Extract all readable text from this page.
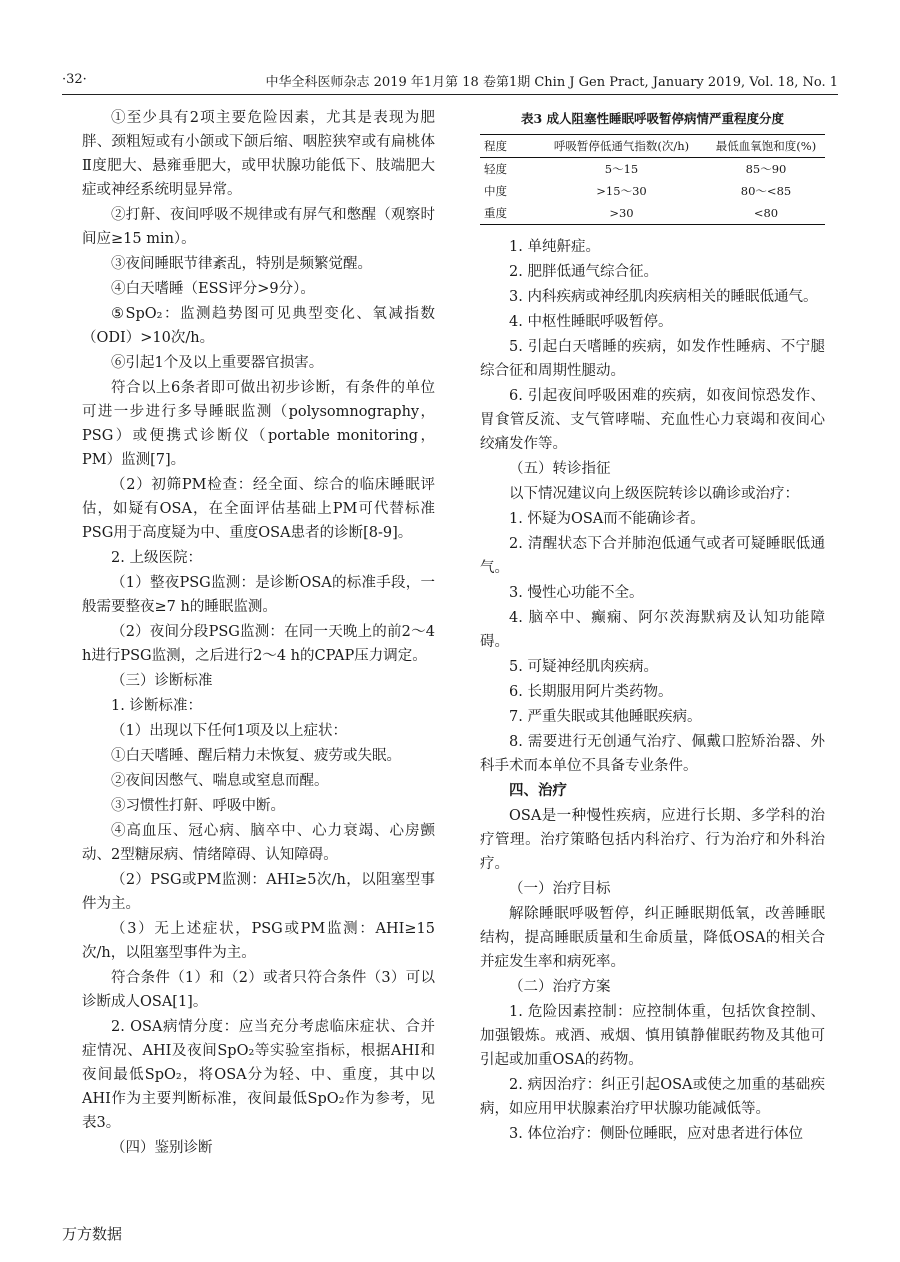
·32·	中华全科医师杂志 2019 年1月第 18 卷第1期 Chin J Gen Pract, January 2019, Vol. 18, No. 1

①至少具有2项主要危险因素，尤其是表现为肥胖、颈粗短或有小颌或下颌后缩、咽腔狭窄或有扁桃体Ⅱ度肥大、悬雍垂肥大，或甲状腺功能低下、肢端肥大症或神经系统明显异常。

②打鼾、夜间呼吸不规律或有屏气和憋醒（观察时间应≥15 min）。

③夜间睡眠节律紊乱，特别是频繁觉醒。

④白天嗜睡（ESS评分>9分）。

⑤SpO₂：监测趋势图可见典型变化、氧减指数（ODI）>10次/h。

⑥引起1个及以上重要器官损害。

符合以上6条者即可做出初步诊断，有条件的单位可进一步进行多导睡眠监测（polysomnography，PSG）或便携式诊断仪（portable monitoring，PM）监测[7]。

（2）初筛PM检查：经全面、综合的临床睡眠评估，如疑有OSA，在全面评估基础上PM可代替标准PSG用于高度疑为中、重度OSA患者的诊断[8-9]。

2. 上级医院：

（1）整夜PSG监测：是诊断OSA的标准手段，一般需要整夜≥7 h的睡眠监测。

（2）夜间分段PSG监测：在同一天晚上的前2～4 h进行PSG监测，之后进行2～4 h的CPAP压力调定。

（三）诊断标准

1. 诊断标准：

（1）出现以下任何1项及以上症状：

①白天嗜睡、醒后精力未恢复、疲劳或失眠。

②夜间因憋气、喘息或窒息而醒。

③习惯性打鼾、呼吸中断。

④高血压、冠心病、脑卒中、心力衰竭、心房颤动、2型糖尿病、情绪障碍、认知障碍。

（2）PSG或PM监测：AHI≥5次/h，以阻塞型事件为主。

（3）无上述症状，PSG或PM监测：AHI≥15次/h，以阻塞型事件为主。

符合条件（1）和（2）或者只符合条件（3）可以诊断成人OSA[1]。

2. OSA病情分度：应当充分考虑临床症状、合并症情况、AHI及夜间SpO₂等实验室指标，根据AHI和夜间最低SpO₂，将OSA分为轻、中、重度，其中以AHI作为主要判断标准，夜间最低SpO₂作为参考，见表3。

（四）鉴别诊断

表3 成人阻塞性睡眠呼吸暂停病情严重程度分度
程度	呼吸暂停低通气指数(次/h)	最低血氧饱和度(%)
轻度	5～15	85～90
中度	>15～30	80～<85
重度	>30	<80

1. 单纯鼾症。

2. 肥胖低通气综合征。

3. 内科疾病或神经肌肉疾病相关的睡眠低通气。

4. 中枢性睡眠呼吸暂停。

5. 引起白天嗜睡的疾病，如发作性睡病、不宁腿综合征和周期性腿动。

6. 引起夜间呼吸困难的疾病，如夜间惊恐发作、胃食管反流、支气管哮喘、充血性心力衰竭和夜间心绞痛发作等。

（五）转诊指征

以下情况建议向上级医院转诊以确诊或治疗：

1. 怀疑为OSA而不能确诊者。

2. 清醒状态下合并肺泡低通气或者可疑睡眠低通气。

3. 慢性心功能不全。

4. 脑卒中、癫痫、阿尔茨海默病及认知功能障碍。

5. 可疑神经肌肉疾病。

6. 长期服用阿片类药物。

7. 严重失眠或其他睡眠疾病。

8. 需要进行无创通气治疗、佩戴口腔矫治器、外科手术而本单位不具备专业条件。

四、治疗

OSA是一种慢性疾病，应进行长期、多学科的治疗管理。治疗策略包括内科治疗、行为治疗和外科治疗。

（一）治疗目标

解除睡眠呼吸暂停，纠正睡眠期低氧，改善睡眠结构，提高睡眠质量和生命质量，降低OSA的相关合并症发生率和病死率。

（二）治疗方案

1. 危险因素控制：应控制体重，包括饮食控制、加强锻炼。戒酒、戒烟、慎用镇静催眠药物及其他可引起或加重OSA的药物。

2. 病因治疗：纠正引起OSA或使之加重的基础疾病，如应用甲状腺素治疗甲状腺功能减低等。

3. 体位治疗：侧卧位睡眠，应对患者进行体位

万方数据
